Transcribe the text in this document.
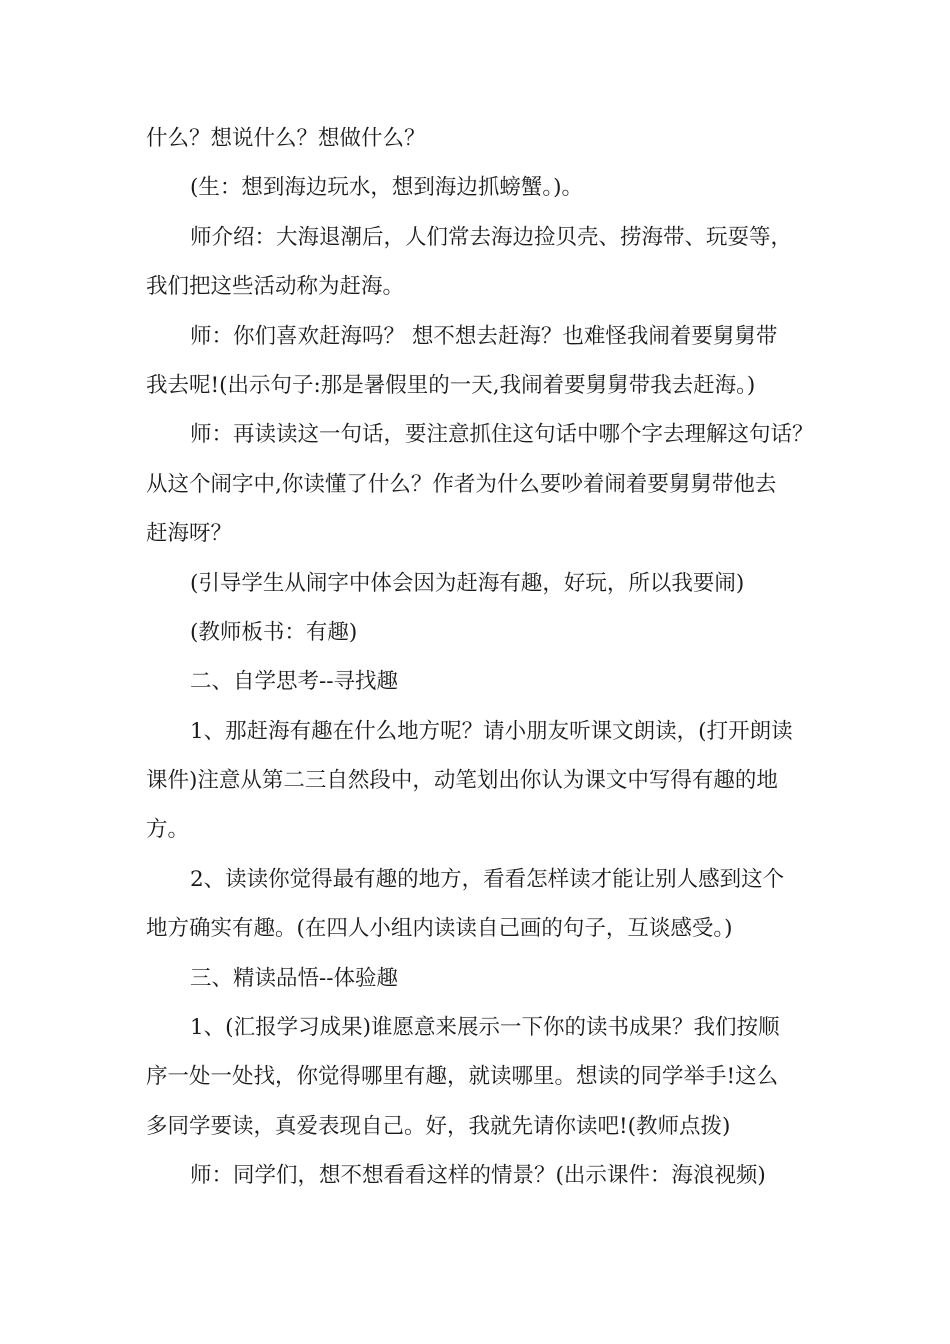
什么？想说什么？想做什么？
(生：想到海边玩水，想到海边抓螃蟹。)。
师介绍：大海退潮后，人们常去海边捡贝壳、捞海带、玩耍等，
我们把这些活动称为赶海。
师：你们喜欢赶海吗？ 想不想去赶海？也难怪我闹着要舅舅带
我去呢!(出示句子:那是暑假里的一天,我闹着要舅舅带我去赶海。)
师：再读读这一句话，要注意抓住这句话中哪个字去理解这句话？
从这个闹字中,你读懂了什么？作者为什么要吵着闹着要舅舅带他去
赶海呀？
(引导学生从闹字中体会因为赶海有趣，好玩，所以我要闹)
(教师板书：有趣)
二、自学思考--寻找趣
1、那赶海有趣在什么地方呢？请小朋友听课文朗读，(打开朗读
课件)注意从第二三自然段中，动笔划出你认为课文中写得有趣的地
方。
2、读读你觉得最有趣的地方，看看怎样读才能让别人感到这个
地方确实有趣。(在四人小组内读读自己画的句子，互谈感受。)
三、精读品悟--体验趣
1、(汇报学习成果)谁愿意来展示一下你的读书成果？我们按顺
序一处一处找，你觉得哪里有趣，就读哪里。想读的同学举手!这么
多同学要读，真爱表现自己。好，我就先请你读吧!(教师点拨)
师：同学们，想不想看看这样的情景？(出示课件：海浪视频)
